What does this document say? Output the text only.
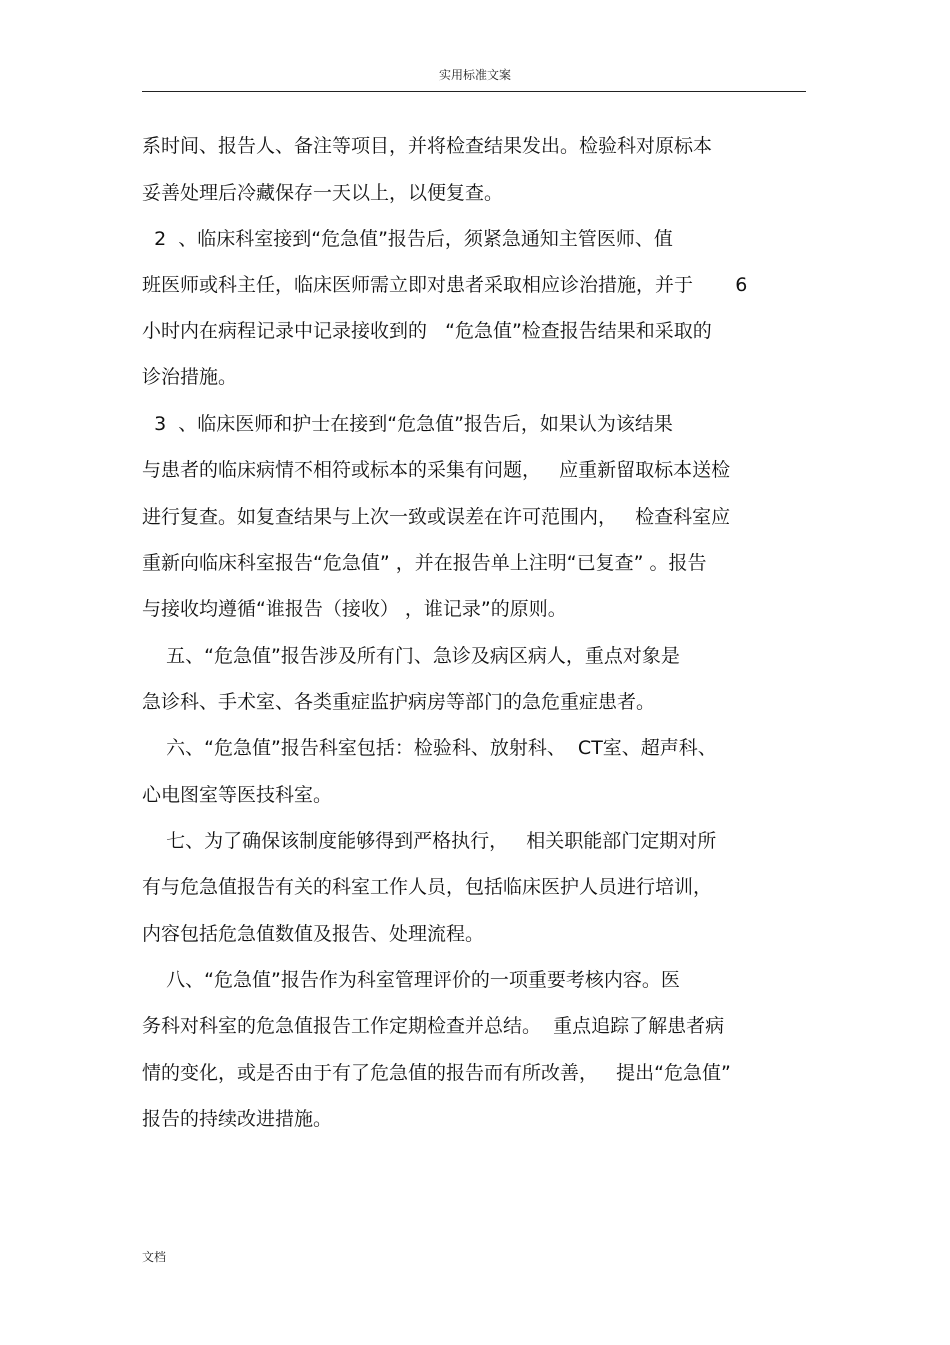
实用标准文案
系时间、报告人、备注等项目，并将检查结果发出。检验科对原标本
妥善处理后冷藏保存一天以上，以便复查。
2  、临床科室接到“危急值”报告后，须紧急通知主管医师、值
班医师或科主任，临床医师需立即对患者采取相应诊治措施，并于       6
小时内在病程记录中记录接收到的   “危急值”检查报告结果和采取的
诊治措施。
3  、临床医师和护士在接到“危急值”报告后，如果认为该结果
与患者的临床病情不相符或标本的采集有问题，   应重新留取标本送检
进行复查。如复查结果与上次一致或误差在许可范围内，   检查科室应
重新向临床科室报告“危急值” ，并在报告单上注明“已复查” 。报告
与接收均遵循“谁报告（接收） ，谁记录”的原则。
五、“危急值”报告涉及所有门、急诊及病区病人，重点对象是
急诊科、手术室、各类重症监护病房等部门的急危重症患者。
六、“危急值”报告科室包括：检验科、放射科、  CT室、超声科、
心电图室等医技科室。
七、为了确保该制度能够得到严格执行，   相关职能部门定期对所
有与危急值报告有关的科室工作人员，包括临床医护人员进行培训，
内容包括危急值数值及报告、处理流程。
八、“危急值”报告作为科室管理评价的一项重要考核内容。医
务科对科室的危急值报告工作定期检查并总结。  重点追踪了解患者病
情的变化，或是否由于有了危急值的报告而有所改善，   提出“危急值”
报告的持续改进措施。
文档
